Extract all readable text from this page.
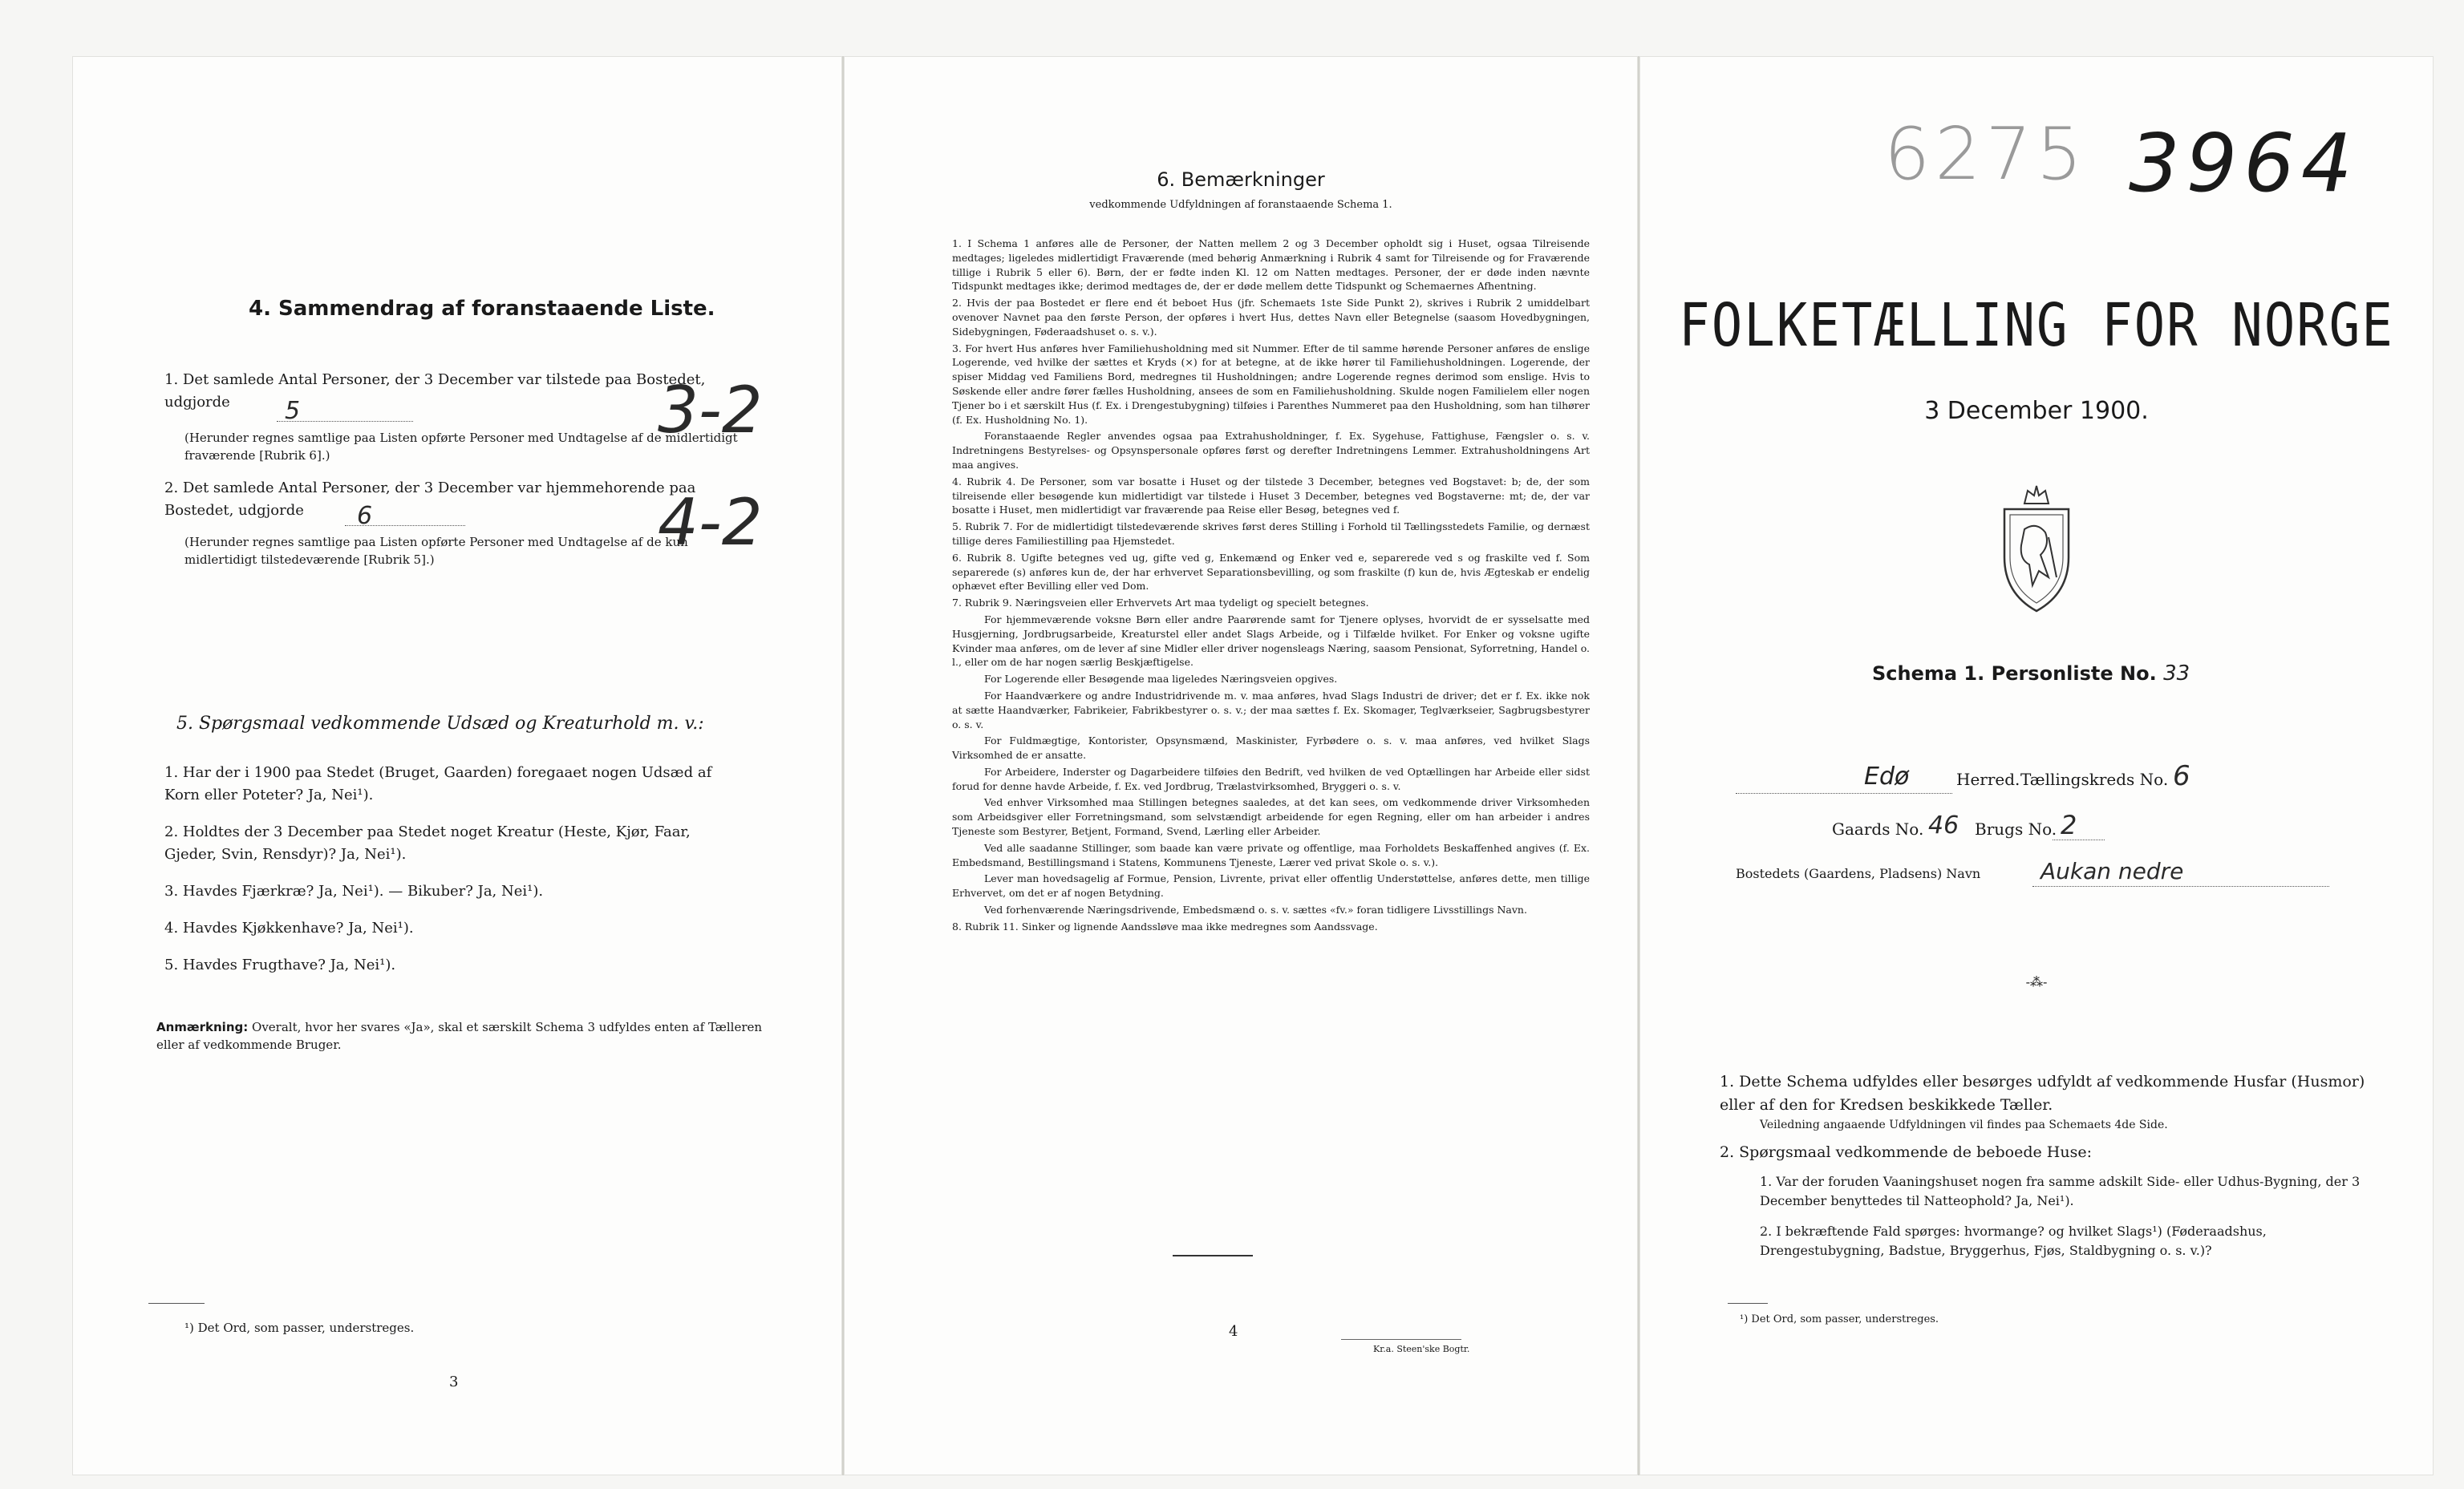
4. Sammendrag af foranstaaende Liste.
1. Det samlede Antal Personer, der 3 December var tilstede paa Bostedet, udgjorde	5
(Herunder regnes samtlige paa Listen opførte Personer med Undtagelse af de midlertidigt fraværende [Rubrik 6].)
2. Det samlede Antal Personer, der 3 December var hjemmehorende paa Bostedet, udgjorde	6
(Herunder regnes samtlige paa Listen opførte Personer med Undtagelse af de kun midlertidigt tilstedeværende [Rubrik 5].)
3-2
4-2
5. Spørgsmaal vedkommende Udsæd og Kreaturhold m. v.:

1. Har der i 1900 paa Stedet (Bruget, Gaarden) foregaaet nogen Udsæd af Korn eller Poteter? Ja, Nei¹).

2. Holdtes der 3 December paa Stedet noget Kreatur (Heste, Kjør, Faar, Gjeder, Svin, Rensdyr)? Ja, Nei¹).

3. Havdes Fjærkræ? Ja, Nei¹). — Bikuber? Ja, Nei¹).

4. Havdes Kjøkkenhave? Ja, Nei¹).

5. Havdes Frugthave? Ja, Nei¹).

Anmærkning: Overalt, hvor her svares «Ja», skal et særskilt Schema 3 udfyldes enten af Tælleren eller af vedkommende Bruger.
¹) Det Ord, som passer, understreges.
3
6. Bemærkninger
vedkommende Udfyldningen af foranstaaende Schema 1.

1. I Schema 1 anføres alle de Personer, der Natten mellem 2 og 3 December opholdt sig i Huset, ogsaa Tilreisende medtages; ligeledes midlertidigt Fraværende (med behørig Anmærkning i Rubrik 4 samt for Tilreisende og for Fraværende tillige i Rubrik 5 eller 6). Børn, der er fødte inden Kl. 12 om Natten medtages. Personer, der er døde inden nævnte Tidspunkt medtages ikke; derimod medtages de, der er døde mellem dette Tidspunkt og Schemaernes Afhentning.

2. Hvis der paa Bostedet er flere end ét beboet Hus (jfr. Schemaets 1ste Side Punkt 2), skrives i Rubrik 2 umiddelbart ovenover Navnet paa den første Person, der opføres i hvert Hus, dettes Navn eller Betegnelse (saasom Hovedbygningen, Sidebygningen, Føderaadshuset o. s. v.).

3. For hvert Hus anføres hver Familiehusholdning med sit Nummer. Efter de til samme hørende Personer anføres de enslige Logerende, ved hvilke der sættes et Kryds (×) for at betegne, at de ikke hører til Familiehusholdningen. Logerende, der spiser Middag ved Familiens Bord, medregnes til Husholdningen; andre Logerende regnes derimod som enslige. Hvis to Søskende eller andre fører fælles Husholdning, ansees de som en Familiehusholdning. Skulde nogen Familielem eller nogen Tjener bo i et særskilt Hus (f. Ex. i Drengestubygning) tilføies i Parenthes Nummeret paa den Husholdning, som han tilhører (f. Ex. Husholdning No. 1).

Foranstaaende Regler anvendes ogsaa paa Extrahusholdninger, f. Ex. Sygehuse, Fattighuse, Fængsler o. s. v. Indretningens Bestyrelses- og Opsynspersonale opføres først og derefter Indretningens Lemmer. Extrahusholdningens Art maa angives.

4. Rubrik 4. De Personer, som var bosatte i Huset og der tilstede 3 December, betegnes ved Bogstavet: b; de, der som tilreisende eller besøgende kun midlertidigt var tilstede i Huset 3 December, betegnes ved Bogstaverne: mt; de, der var bosatte i Huset, men midlertidigt var fraværende paa Reise eller Besøg, betegnes ved f.

5. Rubrik 7. For de midlertidigt tilstedeværende skrives først deres Stilling i Forhold til Tællingsstedets Familie, og dernæst tillige deres Familiestilling paa Hjemstedet.

6. Rubrik 8. Ugifte betegnes ved ug, gifte ved g, Enkemænd og Enker ved e, separerede ved s og fraskilte ved f. Som separerede (s) anføres kun de, der har erhvervet Separationsbevilling, og som fraskilte (f) kun de, hvis Ægteskab er endelig ophævet efter Bevilling eller ved Dom.

7. Rubrik 9. Næringsveien eller Erhvervets Art maa tydeligt og specielt betegnes.

For hjemmeværende voksne Børn eller andre Paarørende samt for Tjenere oplyses, hvorvidt de er sysselsatte med Husgjerning, Jordbrugsarbeide, Kreaturstel eller andet Slags Arbeide, og i Tilfælde hvilket. For Enker og voksne ugifte Kvinder maa anføres, om de lever af sine Midler eller driver nogensleags Næring, saasom Pensionat, Syforretning, Handel o. l., eller om de har nogen særlig Beskjæftigelse.

For Logerende eller Besøgende maa ligeledes Næringsveien opgives.

For Haandværkere og andre Industridrivende m. v. maa anføres, hvad Slags Industri de driver; det er f. Ex. ikke nok at sætte Haandværker, Fabrikeier, Fabrikbestyrer o. s. v.; der maa sættes f. Ex. Skomager, Teglværkseier, Sagbrugsbestyrer o. s. v.

For Fuldmægtige, Kontorister, Opsynsmænd, Maskinister, Fyrbødere o. s. v. maa anføres, ved hvilket Slags Virksomhed de er ansatte.

For Arbeidere, Inderster og Dagarbeidere tilføies den Bedrift, ved hvilken de ved Optællingen har Arbeide eller sidst forud for denne havde Arbeide, f. Ex. ved Jordbrug, Trælastvirksomhed, Bryggeri o. s. v.

Ved enhver Virksomhed maa Stillingen betegnes saaledes, at det kan sees, om vedkommende driver Virksomheden som Arbeidsgiver eller Forretningsmand, som selvstændigt arbeidende for egen Regning, eller om han arbeider i andres Tjeneste som Bestyrer, Betjent, Formand, Svend, Lærling eller Arbeider.

Ved alle saadanne Stillinger, som baade kan være private og offentlige, maa Forholdets Beskaffenhed angives (f. Ex. Embedsmand, Bestillingsmand i Statens, Kommunens Tjeneste, Lærer ved privat Skole o. s. v.).

Lever man hovedsagelig af Formue, Pension, Livrente, privat eller offentlig Understøttelse, anføres dette, men tillige Erhvervet, om det er af nogen Betydning.

Ved forhenværende Næringsdrivende, Embedsmænd o. s. v. sættes «fv.» foran tidligere Livsstillings Navn.

8. Rubrik 11. Sinker og lignende Aandssløve maa ikke medregnes som Aandssvage.

4
Kr.a. Steen'ske Bogtr.
6275 3964
FOLKETÆLLING FOR NORGE
3 December 1900.
Schema 1. Personliste No. 33
Edø	Herred. Tællingskreds No. 6
Gaards No. 46 Brugs No. 2
Bostedets (Gaardens, Pladsens) Navn	Aukan nedre
-⁂-

1. Dette Schema udfyldes eller besørges udfyldt af vedkommende Husfar (Husmor) eller af den for Kredsen beskikkede Tæller.

Veiledning angaaende Udfyldningen vil findes paa Schemaets 4de Side.

2. Spørgsmaal vedkommende de beboede Huse:

1. Var der foruden Vaaningshuset nogen fra samme adskilt Side- eller Udhus-Bygning, der 3 December benyttedes til Natteophold? Ja, Nei¹).

2. I bekræftende Fald spørges: hvormange? og hvilket Slags¹) (Føderaadshus, Drengestubygning, Badstue, Bryggerhus, Fjøs, Staldbygning o. s. v.)?

¹) Det Ord, som passer, understreges.
